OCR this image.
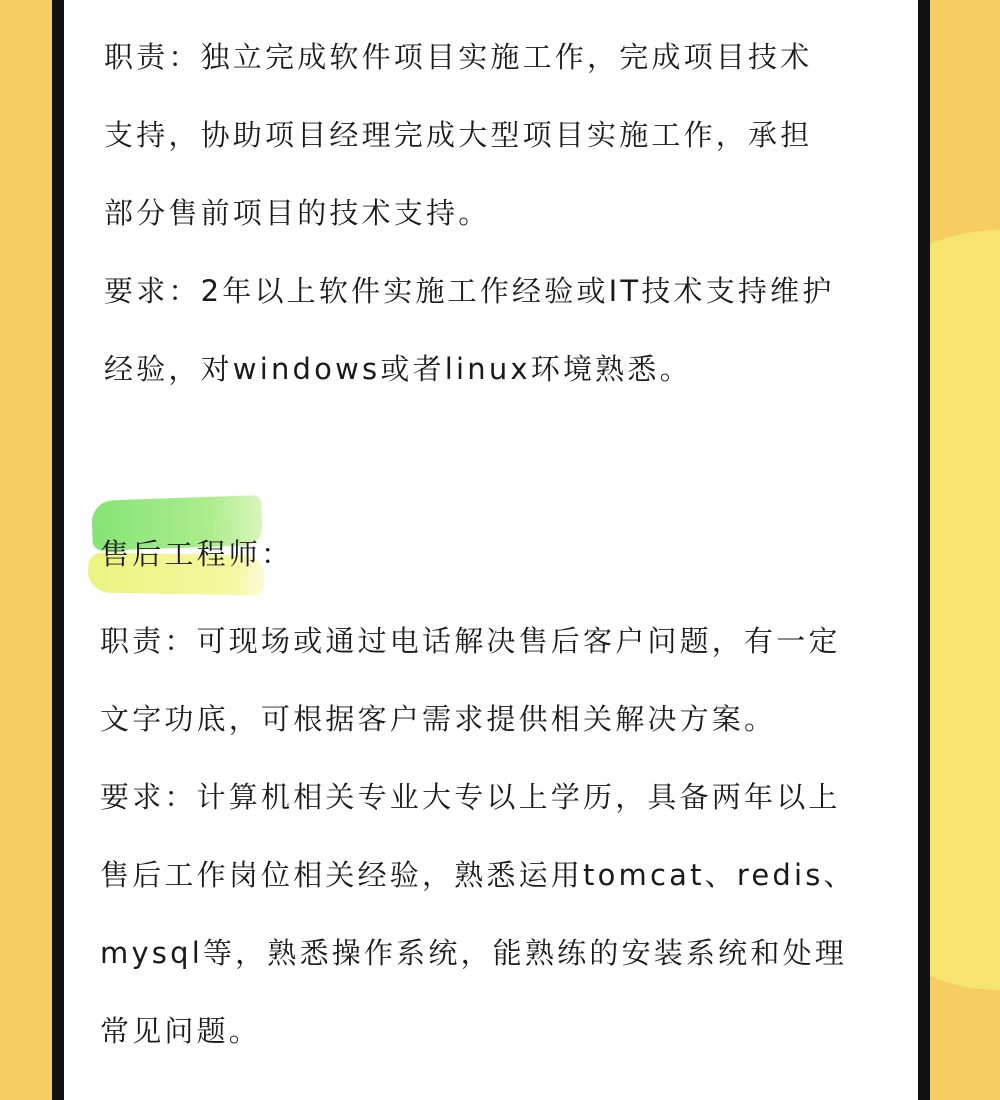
职责：独立完成软件项目实施工作，完成项目技术
支持，协助项目经理完成大型项目实施工作，承担
部分售前项目的技术支持。
要求：2年以上软件实施工作经验或IT技术支持维护
经验，对windows或者linux环境熟悉。
售后工程师：
职责：可现场或通过电话解决售后客户问题，有一定
文字功底，可根据客户需求提供相关解决方案。
要求：计算机相关专业大专以上学历，具备两年以上
售后工作岗位相关经验，熟悉运用tomcat、redis、
mysql等，熟悉操作系统，能熟练的安装系统和处理
常见问题。
